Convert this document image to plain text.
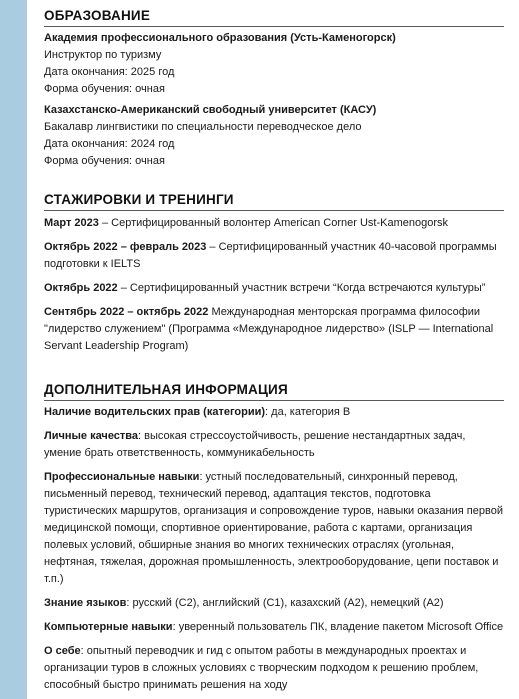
ОБРАЗОВАНИЕ
Академия профессионального образования (Усть-Каменогорск)
Инструктор по туризму
Дата окончания: 2025 год
Форма обучения: очная
Казахстанско-Американский свободный университет (КАСУ)
Бакалавр лингвистики по специальности переводческое дело
Дата окончания: 2024 год
Форма обучения: очная
СТАЖИРОВКИ И ТРЕНИНГИ

Март 2023 – Сертифицированный волонтер American Corner Ust-Kamenogorsk

Октябрь 2022 – февраль 2023 – Сертифицированный участник 40-часовой программы подготовки к IELTS

Октябрь 2022 – Сертифицированный участник встречи “Когда встречаются культуры”

Сентябрь 2022 – октябрь 2022 Международная менторская программа философии "лидерство служением" (Программа «Международное лидерство» (ISLP — International Servant Leadership Program)

ДОПОЛНИТЕЛЬНАЯ ИНФОРМАЦИЯ

Наличие водительских прав (категории): да, категория В

Личные качества: высокая стрессоустойчивость, решение нестандартных задач, умение брать ответственность, коммуникабельность

Профессиональные навыки: устный последовательный, синхронный перевод, письменный перевод, технический перевод, адаптация текстов, подготовка туристических маршрутов, организация и сопровождение туров, навыки оказания первой медицинской помощи, спортивное ориентирование, работа с картами, организация полевых условий, обширные знания во многих технических отраслях (угольная, нефтяная, тяжелая, дорожная промышленность, электрооборудование, цепи поставок и т.п.)

Знание языков: русский (С2), английский (С1), казахский (А2), немецкий (А2)

Компьютерные навыки: уверенный пользователь ПК, владение пакетом Microsoft Office

О себе: опытный переводчик и гид с опытом работы в международных проектах и организации туров в сложных условиях с творческим подходом к решению проблем, способный быстро принимать решения на ходу
